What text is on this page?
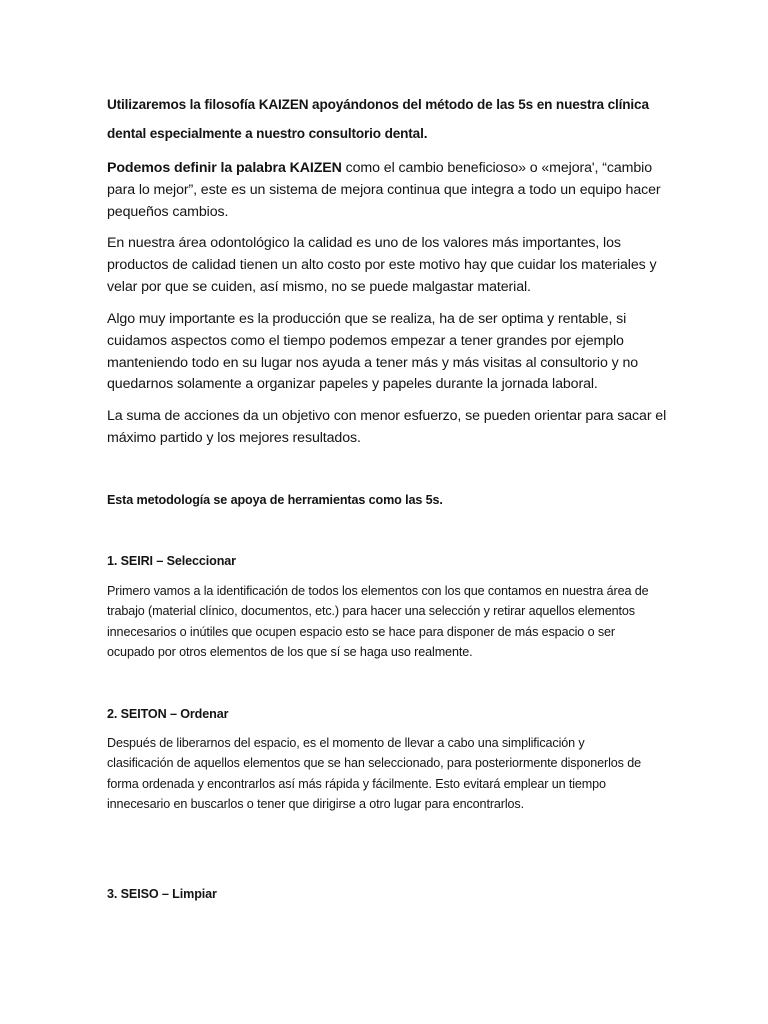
Utilizaremos la filosofía KAIZEN apoyándonos del método de las 5s en nuestra clínica
dental especialmente a nuestro consultorio dental.

Podemos definir la palabra KAIZEN como el cambio beneficioso» o «mejora', “cambio
para lo mejor”, este es un sistema de mejora continua que integra a todo un equipo hacer
pequeños cambios.

En nuestra área odontológico la calidad es uno de los valores más importantes, los
productos de calidad tienen un alto costo por este motivo hay que cuidar los materiales y
velar por que se cuiden, así mismo, no se puede malgastar material.

Algo muy importante es la producción que se realiza, ha de ser optima y rentable, si
cuidamos aspectos como el tiempo podemos empezar a tener grandes por ejemplo
manteniendo todo en su lugar nos ayuda a tener más y más visitas al consultorio y no
quedarnos solamente a organizar papeles y papeles durante la jornada laboral.

La suma de acciones da un objetivo con menor esfuerzo, se pueden orientar para sacar el
máximo partido y los mejores resultados.

Esta metodología se apoya de herramientas como las 5s.

1. SEIRI – Seleccionar

Primero vamos a la identificación de todos los elementos con los que contamos en nuestra área de
trabajo (material clínico, documentos, etc.) para hacer una selección y retirar aquellos elementos
innecesarios o inútiles que ocupen espacio esto se hace para disponer de más espacio o ser
ocupado por otros elementos de los que sí se haga uso realmente.

2. SEITON – Ordenar

Después de liberarnos del espacio, es el momento de llevar a cabo una simplificación y
clasificación de aquellos elementos que se han seleccionado, para posteriormente disponerlos de
forma ordenada y encontrarlos así más rápida y fácilmente. Esto evitará emplear un tiempo
innecesario en buscarlos o tener que dirigirse a otro lugar para encontrarlos.

3. SEISO – Limpiar
